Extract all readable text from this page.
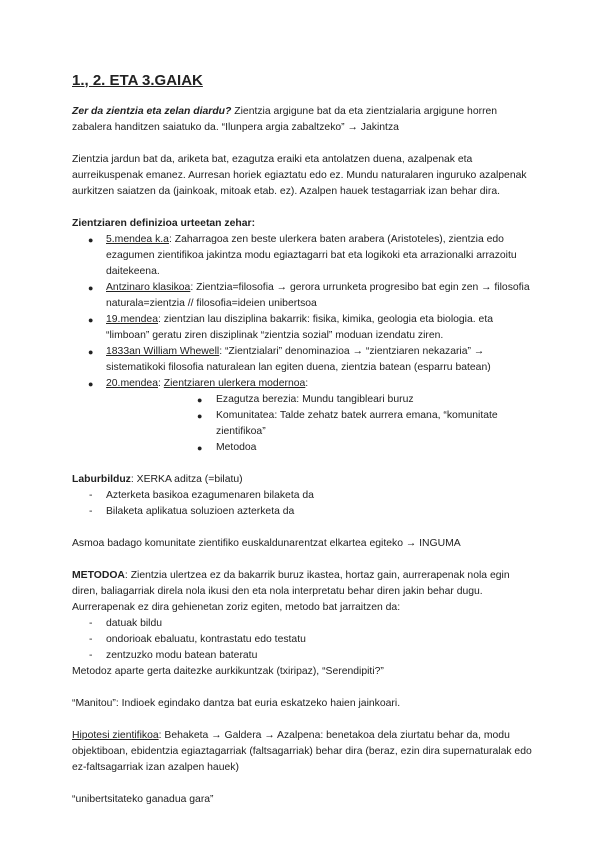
1., 2. ETA 3.GAIAK

Zer da zientzia eta zelan diardu? Zientzia argigune bat da eta zientzialaria argigune horren zabalera handitzen saiatuko da. “Ilunpera argia zabaltzeko” → Jakintza

Zientzia jardun bat da, ariketa bat, ezagutza eraiki eta antolatzen duena, azalpenak eta aurreikuspenak emanez. Aurresan horiek egiaztatu edo ez. Mundu naturalaren inguruko azalpenak aurkitzen saiatzen da (jainkoak, mitoak etab. ez). Azalpen hauek testagarriak izan behar dira.

Zientziaren definizioa urteetan zehar:

● 5.mendea k.a: Zaharragoa zen beste ulerkera baten arabera (Aristoteles), zientzia edo ezagumen zientifikoa jakintza modu egiaztagarri bat eta logikoki eta arrazionalki arrazoitu daitekeena.
● Antzinaro klasikoa: Zientzia=filosofia → gerora urrunketa progresibo bat egin zen → filosofia naturala=zientzia // filosofia=ideien unibertsoa
● 19.mendea: zientzian lau disziplina bakarrik: fisika, kimika, geologia eta biologia. eta “limboan” geratu ziren disziplinak “zientzia sozial” moduan izendatu ziren.
● 1833an William Whewell: “Zientzialari” denominazioa → “zientziaren nekazaria” → sistematikoki filosofia naturalean lan egiten duena, zientzia batean (esparru batean)
● 20.mendea: Zientziaren ulerkera modernoa:
● Ezagutza berezia: Mundu tangibleari buruz
● Komunitatea: Talde zehatz batek aurrera emana, “komunitate zientifikoa”
● Metodoa

Laburbilduz: XERKA aditza (=bilatu)

- Azterketa basikoa ezagumenaren bilaketa da
- Bilaketa aplikatua soluzioen azterketa da

Asmoa badago komunitate zientifiko euskaldunarentzat elkartea egiteko → INGUMA

METODOA: Zientzia ulertzea ez da bakarrik buruz ikastea, hortaz gain, aurrerapenak nola egin diren, baliagarriak direla nola ikusi den eta nola interpretatu behar diren jakin behar dugu. Aurrerapenak ez dira gehienetan zoriz egiten, metodo bat jarraitzen da:

- datuak bildu
- ondorioak ebaluatu, kontrastatu edo testatu
- zentzuzko modu batean bateratu

Metodoz aparte gerta daitezke aurkikuntzak (txiripaz), “Serendipiti?”

“Manitou”: Indioek egindako dantza bat euria eskatzeko haien jainkoari.

Hipotesi zientifikoa: Behaketa → Galdera → Azalpena: benetakoa dela ziurtatu behar da, modu objektiboan, ebidentzia egiaztagarriak (faltsagarriak) behar dira (beraz, ezin dira supernaturalak edo ez-faltsagarriak izan azalpen hauek)

“unibertsitateko ganadua gara”
